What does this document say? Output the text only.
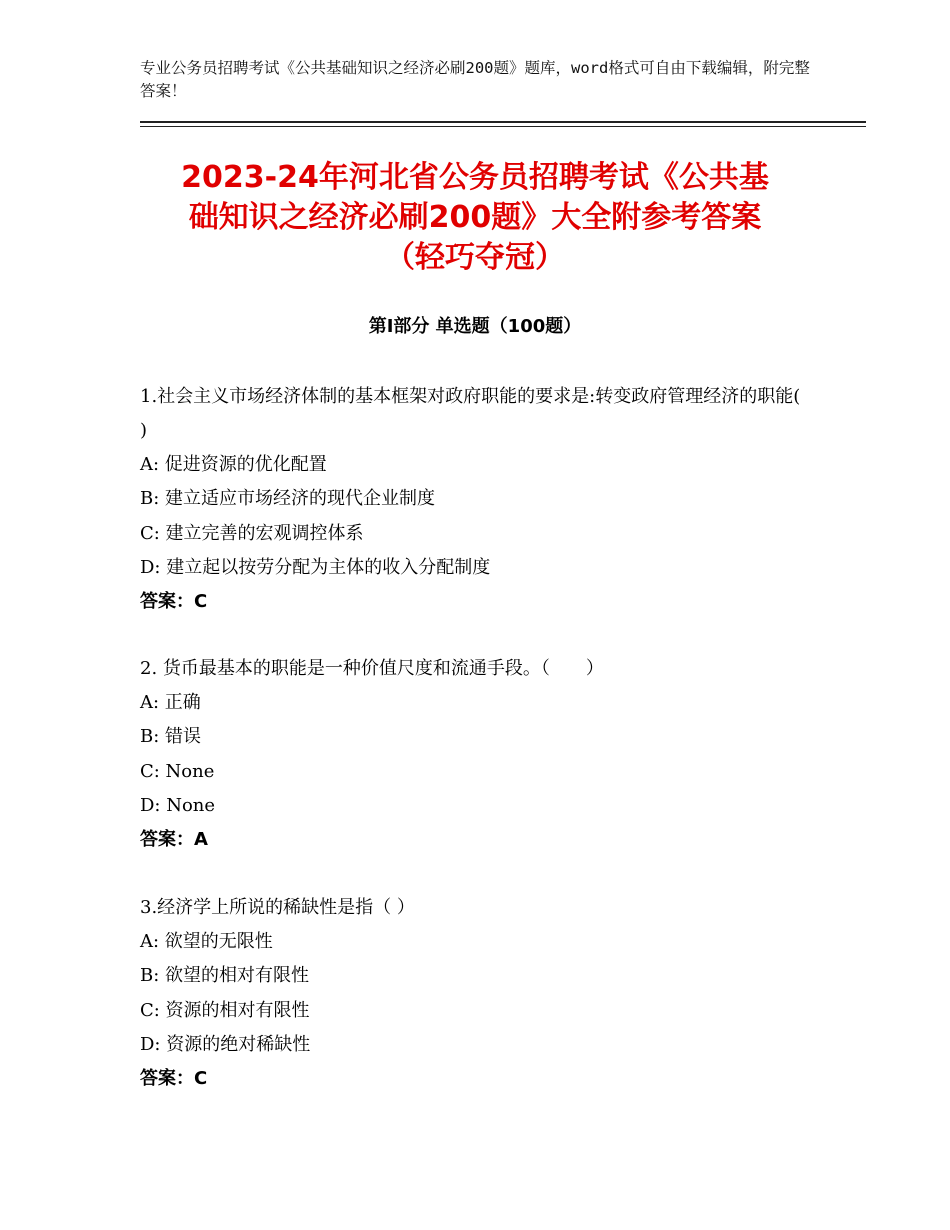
专业公务员招聘考试《公共基础知识之经济必刷200题》题库，word格式可自由下载编辑，附完整答案！
2023-24年河北省公务员招聘考试《公共基
础知识之经济必刷200题》大全附参考答案
（轻巧夺冠）
第Ⅰ部分 单选题（100题）

1.社会主义市场经济体制的基本框架对政府职能的要求是:转变政府管理经济的职能( )

A: 促进资源的优化配置

B: 建立适应市场经济的现代企业制度

C: 建立完善的宏观调控体系

D: 建立起以按劳分配为主体的收入分配制度

答案：C

2. 货币最基本的职能是一种价值尺度和流通手段。（　　）

A: 正确

B: 错误

C: None

D: None

答案：A

3.经济学上所说的稀缺性是指（ ）

A: 欲望的无限性

B: 欲望的相对有限性

C: 资源的相对有限性

D: 资源的绝对稀缺性

答案：C
